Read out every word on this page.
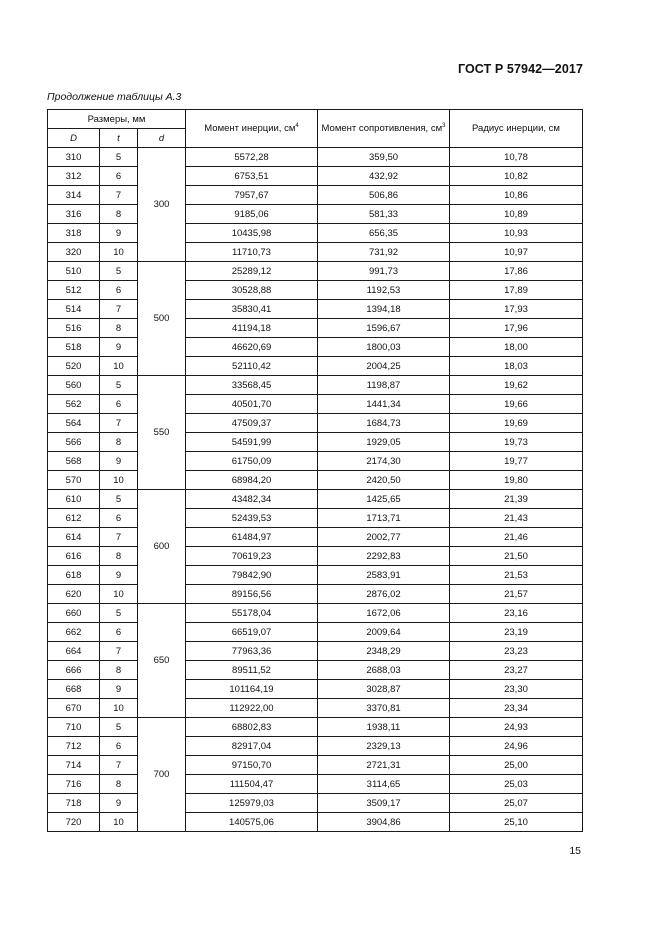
ГОСТ Р 57942—2017
Продолжение таблицы А.3
Размеры, мм			Момент инерции, $см^4$	Момент сопротивления, $см^3$	Радиус инерции, см
D	t	d			
310	5	300	5572,28	359,50	10,78
312	6		6753,51	432,92	10,82
314	7		7957,67	506,86	10,86
316	8		9185,06	581,33	10,89
318	9		10435,98	656,35	10,93
320	10		11710,73	731,92	10,97
510	5	500	25289,12	991,73	17,86
512	6		30528,88	1192,53	17,89
514	7		35830,41	1394,18	17,93
516	8		41194,18	1596,67	17,96
518	9		46620,69	1800,03	18,00
520	10		52110,42	2004,25	18,03
560	5	550	33568,45	1198,87	19,62
562	6		40501,70	1441,34	19,66
564	7		47509,37	1684,73	19,69
566	8		54591,99	1929,05	19,73
568	9		61750,09	2174,30	19,77
570	10		68984,20	2420,50	19,80
610	5	600	43482,34	1425,65	21,39
612	6		52439,53	1713,71	21,43
614	7		61484,97	2002,77	21,46
616	8		70619,23	2292,83	21,50
618	9		79842,90	2583,91	21,53
620	10		89156,56	2876,02	21,57
660	5	650	55178,04	1672,06	23,16
662	6		66519,07	2009,64	23,19
664	7		77963,36	2348,29	23,23
666	8		89511,52	2688,03	23,27
668	9		101164,19	3028,87	23,30
670	10		112922,00	3370,81	23,34
710	5	700	68802,83	1938,11	24,93
712	6		82917,04	2329,13	24,96
714	7		97150,70	2721,31	25,00
716	8		111504,47	3114,65	25,03
718	9		125979,03	3509,17	25,07
720	10		140575,06	3904,86	25,10
15
